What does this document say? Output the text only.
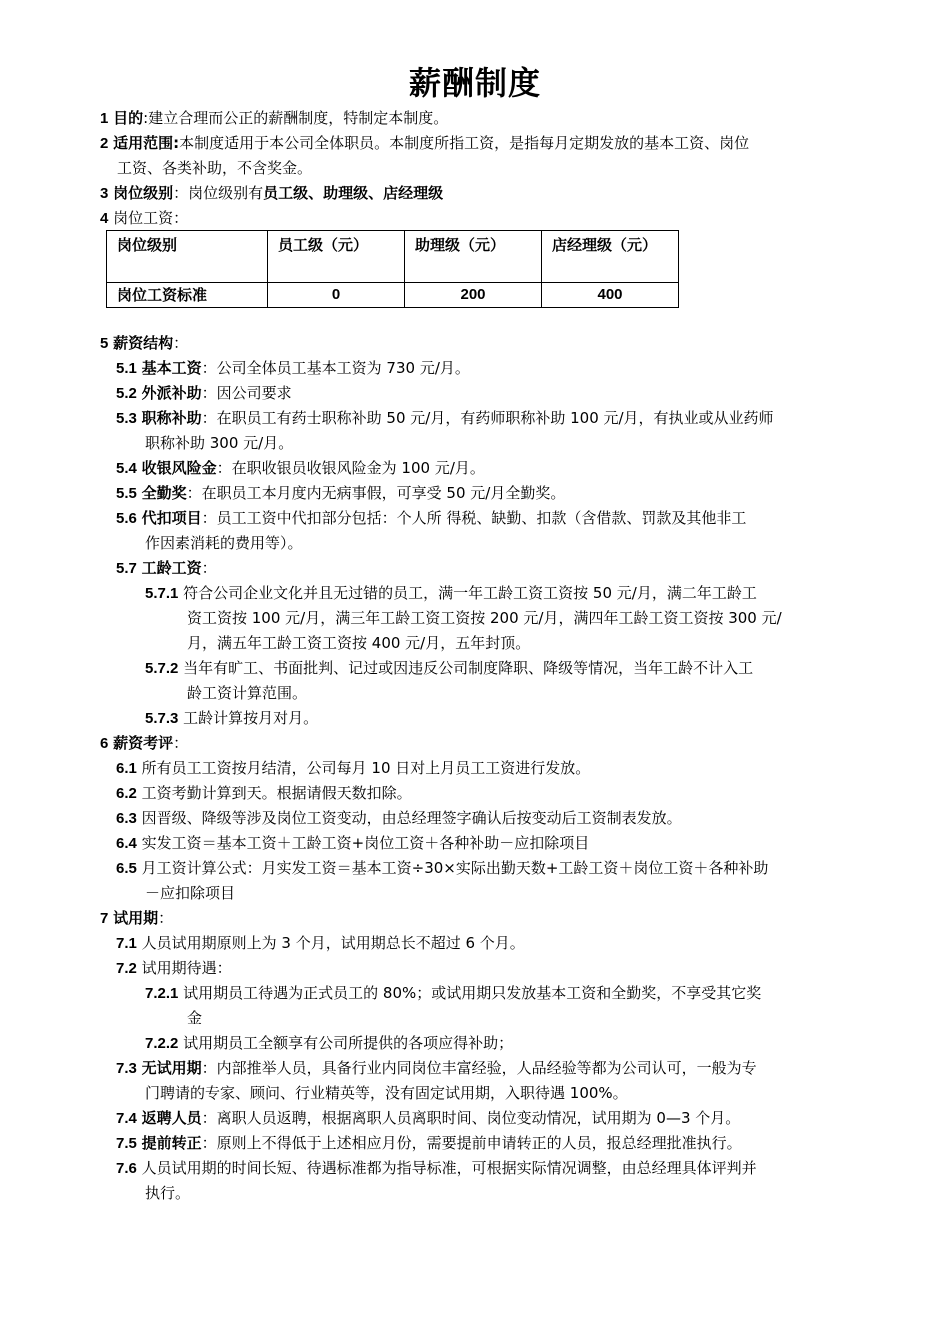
薪酬制度
1 目的:建立合理而公正的薪酬制度，特制定本制度。
2 适用范围:本制度适用于本公司全体职员。本制度所指工资，是指每月定期发放的基本工资、岗位
工资、各类补助，不含奖金。
3 岗位级别：岗位级别有员工级、助理级、店经理级
4 岗位工资：
岗位级别	员工级（元）	助理级（元）	店经理级（元）
岗位工资标准	0	200	400
5 薪资结构：
5.1 基本工资：公司全体员工基本工资为 730 元/月。
5.2 外派补助：因公司要求
5.3 职称补助：在职员工有药士职称补助 50 元/月，有药师职称补助 100 元/月，有执业或从业药师
职称补助 300 元/月。
5.4 收银风险金：在职收银员收银风险金为 100 元/月。
5.5 全勤奖：在职员工本月度内无病事假，可享受 50 元/月全勤奖。
5.6 代扣项目：员工工资中代扣部分包括：个人所 得税、缺勤、扣款（含借款、罚款及其他非工
作因素消耗的费用等）。
5.7 工龄工资：
5.7.1 符合公司企业文化并且无过错的员工，满一年工龄工资工资按 50 元/月，满二年工龄工
资工资按 100 元/月，满三年工龄工资工资按 200 元/月，满四年工龄工资工资按 300 元/
月，满五年工龄工资工资按 400 元/月，五年封顶。
5.7.2 当年有旷工、书面批判、记过或因违反公司制度降职、降级等情况，当年工龄不计入工
龄工资计算范围。
5.7.3 工龄计算按月对月。
6 薪资考评：
6.1 所有员工工资按月结清，公司每月 10 日对上月员工工资进行发放。
6.2 工资考勤计算到天。根据请假天数扣除。
6.3 因晋级、降级等涉及岗位工资变动，由总经理签字确认后按变动后工资制表发放。
6.4 实发工资＝基本工资＋工龄工资+岗位工资＋各种补助－应扣除项目
6.5 月工资计算公式：月实发工资＝基本工资÷30×实际出勤天数+工龄工资＋岗位工资＋各种补助
－应扣除项目
7 试用期：
7.1 人员试用期原则上为 3 个月，试用期总长不超过 6 个月。
7.2 试用期待遇：
7.2.1 试用期员工待遇为正式员工的 80%；或试用期只发放基本工资和全勤奖，不享受其它奖
金
7.2.2 试用期员工全额享有公司所提供的各项应得补助；
7.3 无试用期：内部推举人员，具备行业内同岗位丰富经验，人品经验等都为公司认可，一般为专
门聘请的专家、顾问、行业精英等，没有固定试用期，入职待遇 100%。
7.4 返聘人员：离职人员返聘，根据离职人员离职时间、岗位变动情况，试用期为 0—3 个月。
7.5 提前转正：原则上不得低于上述相应月份，需要提前申请转正的人员，报总经理批准执行。
7.6 人员试用期的时间长短、待遇标准都为指导标准，可根据实际情况调整，由总经理具体评判并
执行。
